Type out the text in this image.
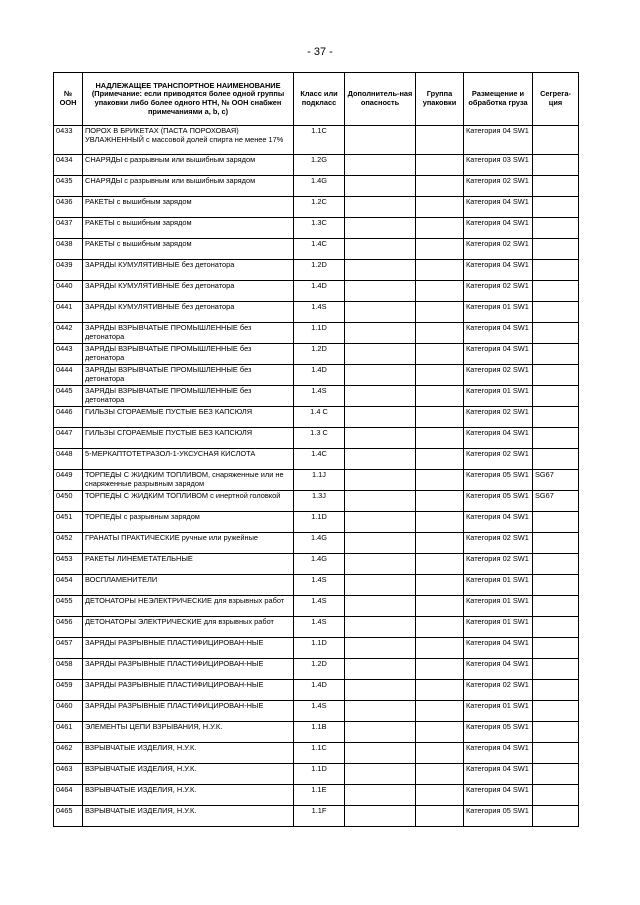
- 37 -
№ ООН	НАДЛЕЖАЩЕЕ ТРАНСПОРТНОЕ НАИМЕНОВАНИЕ (Примечание: если приводятся более одной группы упаковки либо более одного НТН, № ООН снабжен примечаниями a, b, c)	Класс или подкласс	Дополнитель-ная опасность	Группа упаковки	Размещение и обработка груза	Сегрега-ция
0433	ПОРОХ В БРИКЕТАХ (ПАСТА ПОРОХОВАЯ) УВЛАЖНЕННЫЙ с массовой долей спирта не менее 17%	1.1C			Категория 04 SW1	
0434	СНАРЯДЫ с разрывным или вышибным зарядом	1.2G			Категория 03 SW1	
0435	СНАРЯДЫ с разрывным или вышибным зарядом	1.4G			Категория 02 SW1	
0436	РАКЕТЫ с вышибным зарядом	1.2C			Категория 04 SW1	
0437	РАКЕТЫ с вышибным зарядом	1.3C			Категория 04 SW1	
0438	РАКЕТЫ с вышибным зарядом	1.4C			Категория 02 SW1	
0439	ЗАРЯДЫ КУМУЛЯТИВНЫЕ без детонатора	1.2D			Категория 04 SW1	
0440	ЗАРЯДЫ КУМУЛЯТИВНЫЕ без детонатора	1.4D			Категория 02 SW1	
0441	ЗАРЯДЫ КУМУЛЯТИВНЫЕ без детонатора	1.4S			Категория 01 SW1	
0442	ЗАРЯДЫ ВЗРЫВЧАТЫЕ ПРОМЫШЛЕННЫЕ без детонатора	1.1D			Категория 04 SW1	
0443	ЗАРЯДЫ ВЗРЫВЧАТЫЕ ПРОМЫШЛЕННЫЕ без детонатора	1.2D			Категория 04 SW1	
0444	ЗАРЯДЫ ВЗРЫВЧАТЫЕ ПРОМЫШЛЕННЫЕ без детонатора	1.4D			Категория 02 SW1	
0445	ЗАРЯДЫ ВЗРЫВЧАТЫЕ ПРОМЫШЛЕННЫЕ без детонатора	1.4S			Категория 01 SW1	
0446	ГИЛЬЗЫ СГОРАЕМЫЕ ПУСТЫЕ БЕЗ КАПСЮЛЯ	1.4 C			Категория 02 SW1	
0447	ГИЛЬЗЫ СГОРАЕМЫЕ ПУСТЫЕ БЕЗ КАПСЮЛЯ	1.3 C			Категория 04 SW1	
0448	5-МЕРКАПТОТЕТРАЗОЛ-1-УКСУСНАЯ КИСЛОТА	1.4C			Категория 02 SW1	
0449	ТОРПЕДЫ С ЖИДКИМ ТОПЛИВОМ, снаряженные или не снаряженные разрывным зарядом	1.1J			Категория 05 SW1	SG67
0450	ТОРПЕДЫ С ЖИДКИМ ТОПЛИВОМ с инертной головкой	1.3J			Категория 05 SW1	SG67
0451	ТОРПЕДЫ с разрывным зарядом	1.1D			Категория 04 SW1	
0452	ГРАНАТЫ ПРАКТИЧЕСКИЕ ручные или ружейные	1.4G			Категория 02 SW1	
0453	РАКЕТЫ ЛИНЕМЕТАТЕЛЬНЫЕ	1.4G			Категория 02 SW1	
0454	ВОСПЛАМЕНИТЕЛИ	1.4S			Категория 01 SW1	
0455	ДЕТОНАТОРЫ НЕЭЛЕКТРИЧЕСКИЕ для взрывных работ	1.4S			Категория 01 SW1	
0456	ДЕТОНАТОРЫ ЭЛЕКТРИЧЕСКИЕ для взрывных работ	1.4S			Категория 01 SW1	
0457	ЗАРЯДЫ РАЗРЫВНЫЕ ПЛАСТИФИЦИРОВАН-НЫЕ	1.1D			Категория 04 SW1	
0458	ЗАРЯДЫ РАЗРЫВНЫЕ ПЛАСТИФИЦИРОВАН-НЫЕ	1.2D			Категория 04 SW1	
0459	ЗАРЯДЫ РАЗРЫВНЫЕ ПЛАСТИФИЦИРОВАН-НЫЕ	1.4D			Категория 02 SW1	
0460	ЗАРЯДЫ РАЗРЫВНЫЕ ПЛАСТИФИЦИРОВАН-НЫЕ	1.4S			Категория 01 SW1	
0461	ЭЛЕМЕНТЫ ЦЕПИ ВЗРЫВАНИЯ, Н.У.К.	1.1B			Категория 05 SW1	
0462	ВЗРЫВЧАТЫЕ ИЗДЕЛИЯ, Н.У.К.	1.1C			Категория 04 SW1	
0463	ВЗРЫВЧАТЫЕ ИЗДЕЛИЯ, Н.У.К.	1.1D			Категория 04 SW1	
0464	ВЗРЫВЧАТЫЕ ИЗДЕЛИЯ, Н.У.К.	1.1E			Категория 04 SW1	
0465	ВЗРЫВЧАТЫЕ ИЗДЕЛИЯ, Н.У.К.	1.1F			Категория 05 SW1	
